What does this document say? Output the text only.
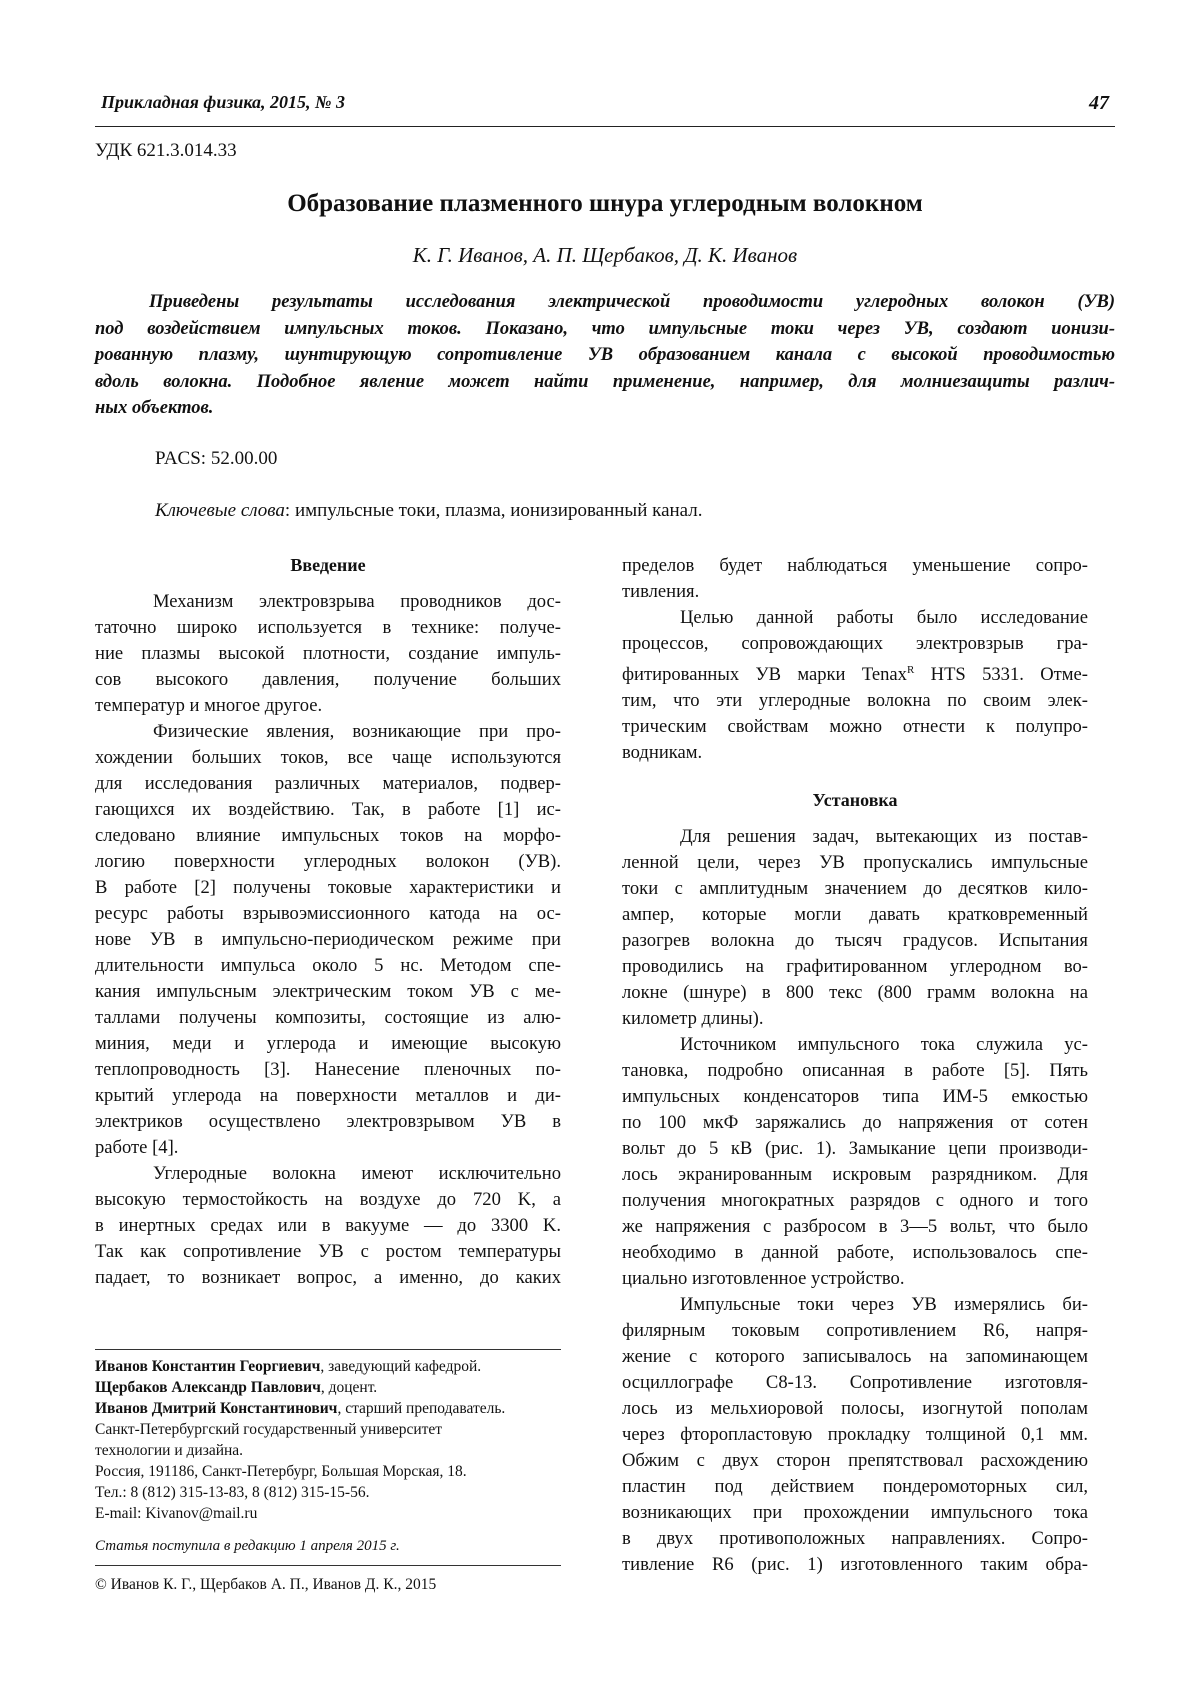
Прикладная физика, 2015, № 3	47
УДК 621.3.014.33
Образование плазменного шнура углеродным волокном
К. Г. Иванов, А. П. Щербаков, Д. К. Иванов

Приведены результаты исследования электрической проводимости углеродных волокон (УВ)
под воздействием импульсных токов. Показано, что импульсные токи через УВ, создают ионизи-
рованную плазму, шунтирующую сопротивление УВ образованием канала с высокой проводимостью
вдоль волокна. Подобное явление может найти применение, например, для молниезащиты различ-
ных объектов.

PACS: 52.00.00
Ключевые слова: импульсные токи, плазма, ионизированный канал.
Введение

Механизм электровзрыва проводников дос-
таточно широко используется в технике: получе-
ние плазмы высокой плотности, создание импуль-
сов высокого давления, получение больших
температур и многое другое.

Физические явления, возникающие при про-
хождении больших токов, все чаще используются
для исследования различных материалов, подвер-
гающихся их воздействию. Так, в работе [1] ис-
следовано влияние импульсных токов на морфо-
логию поверхности углеродных волокон (УВ).
В работе [2] получены токовые характеристики и
ресурс работы взрывоэмиссионного катода на ос-
нове УВ в импульсно-периодическом режиме при
длительности импульса около 5 нс. Методом спе-
кания импульсным электрическим током УВ с ме-
таллами получены композиты, состоящие из алю-
миния, меди и углерода и имеющие высокую
теплопроводность [3]. Нанесение пленочных по-
крытий углерода на поверхности металлов и ди-
электриков осуществлено электровзрывом УВ в
работе [4].

Углеродные волокна имеют исключительно
высокую термостойкость на воздухе до 720 K, а
в инертных средах или в вакууме — до 3300 K.
Так как сопротивление УВ с ростом температуры
падает, то возникает вопрос, а именно, до каких

Иванов Константин Георгиевич, заведующий кафедрой.
Щербаков Александр Павлович, доцент.
Иванов Дмитрий Константинович, старший преподаватель.
Санкт-Петербургский государственный университет
технологии и дизайна.
Россия, 191186, Санкт-Петербург, Большая Морская, 18.
Тел.: 8 (812) 315-13-83, 8 (812) 315-15-56.
E-mail: Kivanov@mail.ru
Статья поступила в редакцию 1 апреля 2015 г.
© Иванов К. Г., Щербаков А. П., Иванов Д. К., 2015

пределов будет наблюдаться уменьшение сопро-
тивления.

Целью данной работы было исследование
процессов, сопровождающих электровзрыв гра-
фитированных УВ марки Tenax$^R$ HTS 5331. Отме-
тим, что эти углеродные волокна по своим элек-
трическим свойствам можно отнести к полупро-
водникам.

Установка

Для решения задач, вытекающих из постав-
ленной цели, через УВ пропускались импульсные
токи с амплитудным значением до десятков кило-
ампер, которые могли давать кратковременный
разогрев волокна до тысяч градусов. Испытания
проводились на графитированном углеродном во-
локне (шнуре) в 800 текс (800 грамм волокна на
километр длины).

Источником импульсного тока служила ус-
тановка, подробно описанная в работе [5]. Пять
импульсных конденсаторов типа ИМ-5 емкостью
по 100 мкФ заряжались до напряжения от сотен
вольт до 5 кВ (рис. 1). Замыкание цепи производи-
лось экранированным искровым разрядником. Для
получения многократных разрядов с одного и того
же напряжения с разбросом в 3—5 вольт, что было
необходимо в данной работе, использовалось спе-
циально изготовленное устройство.

Импульсные токи через УВ измерялись би-
филярным токовым сопротивлением R6, напря-
жение с которого записывалось на запоминающем
осциллографе С8-13. Сопротивление изготовля-
лось из мельхиоровой полосы, изогнутой пополам
через фторопластовую прокладку толщиной 0,1 мм.
Обжим с двух сторон препятствовал расхождению
пластин под действием пондеромоторных сил,
возникающих при прохождении импульсного тока
в двух противоположных направлениях. Сопро-
тивление R6 (рис. 1) изготовленного таким обра-
